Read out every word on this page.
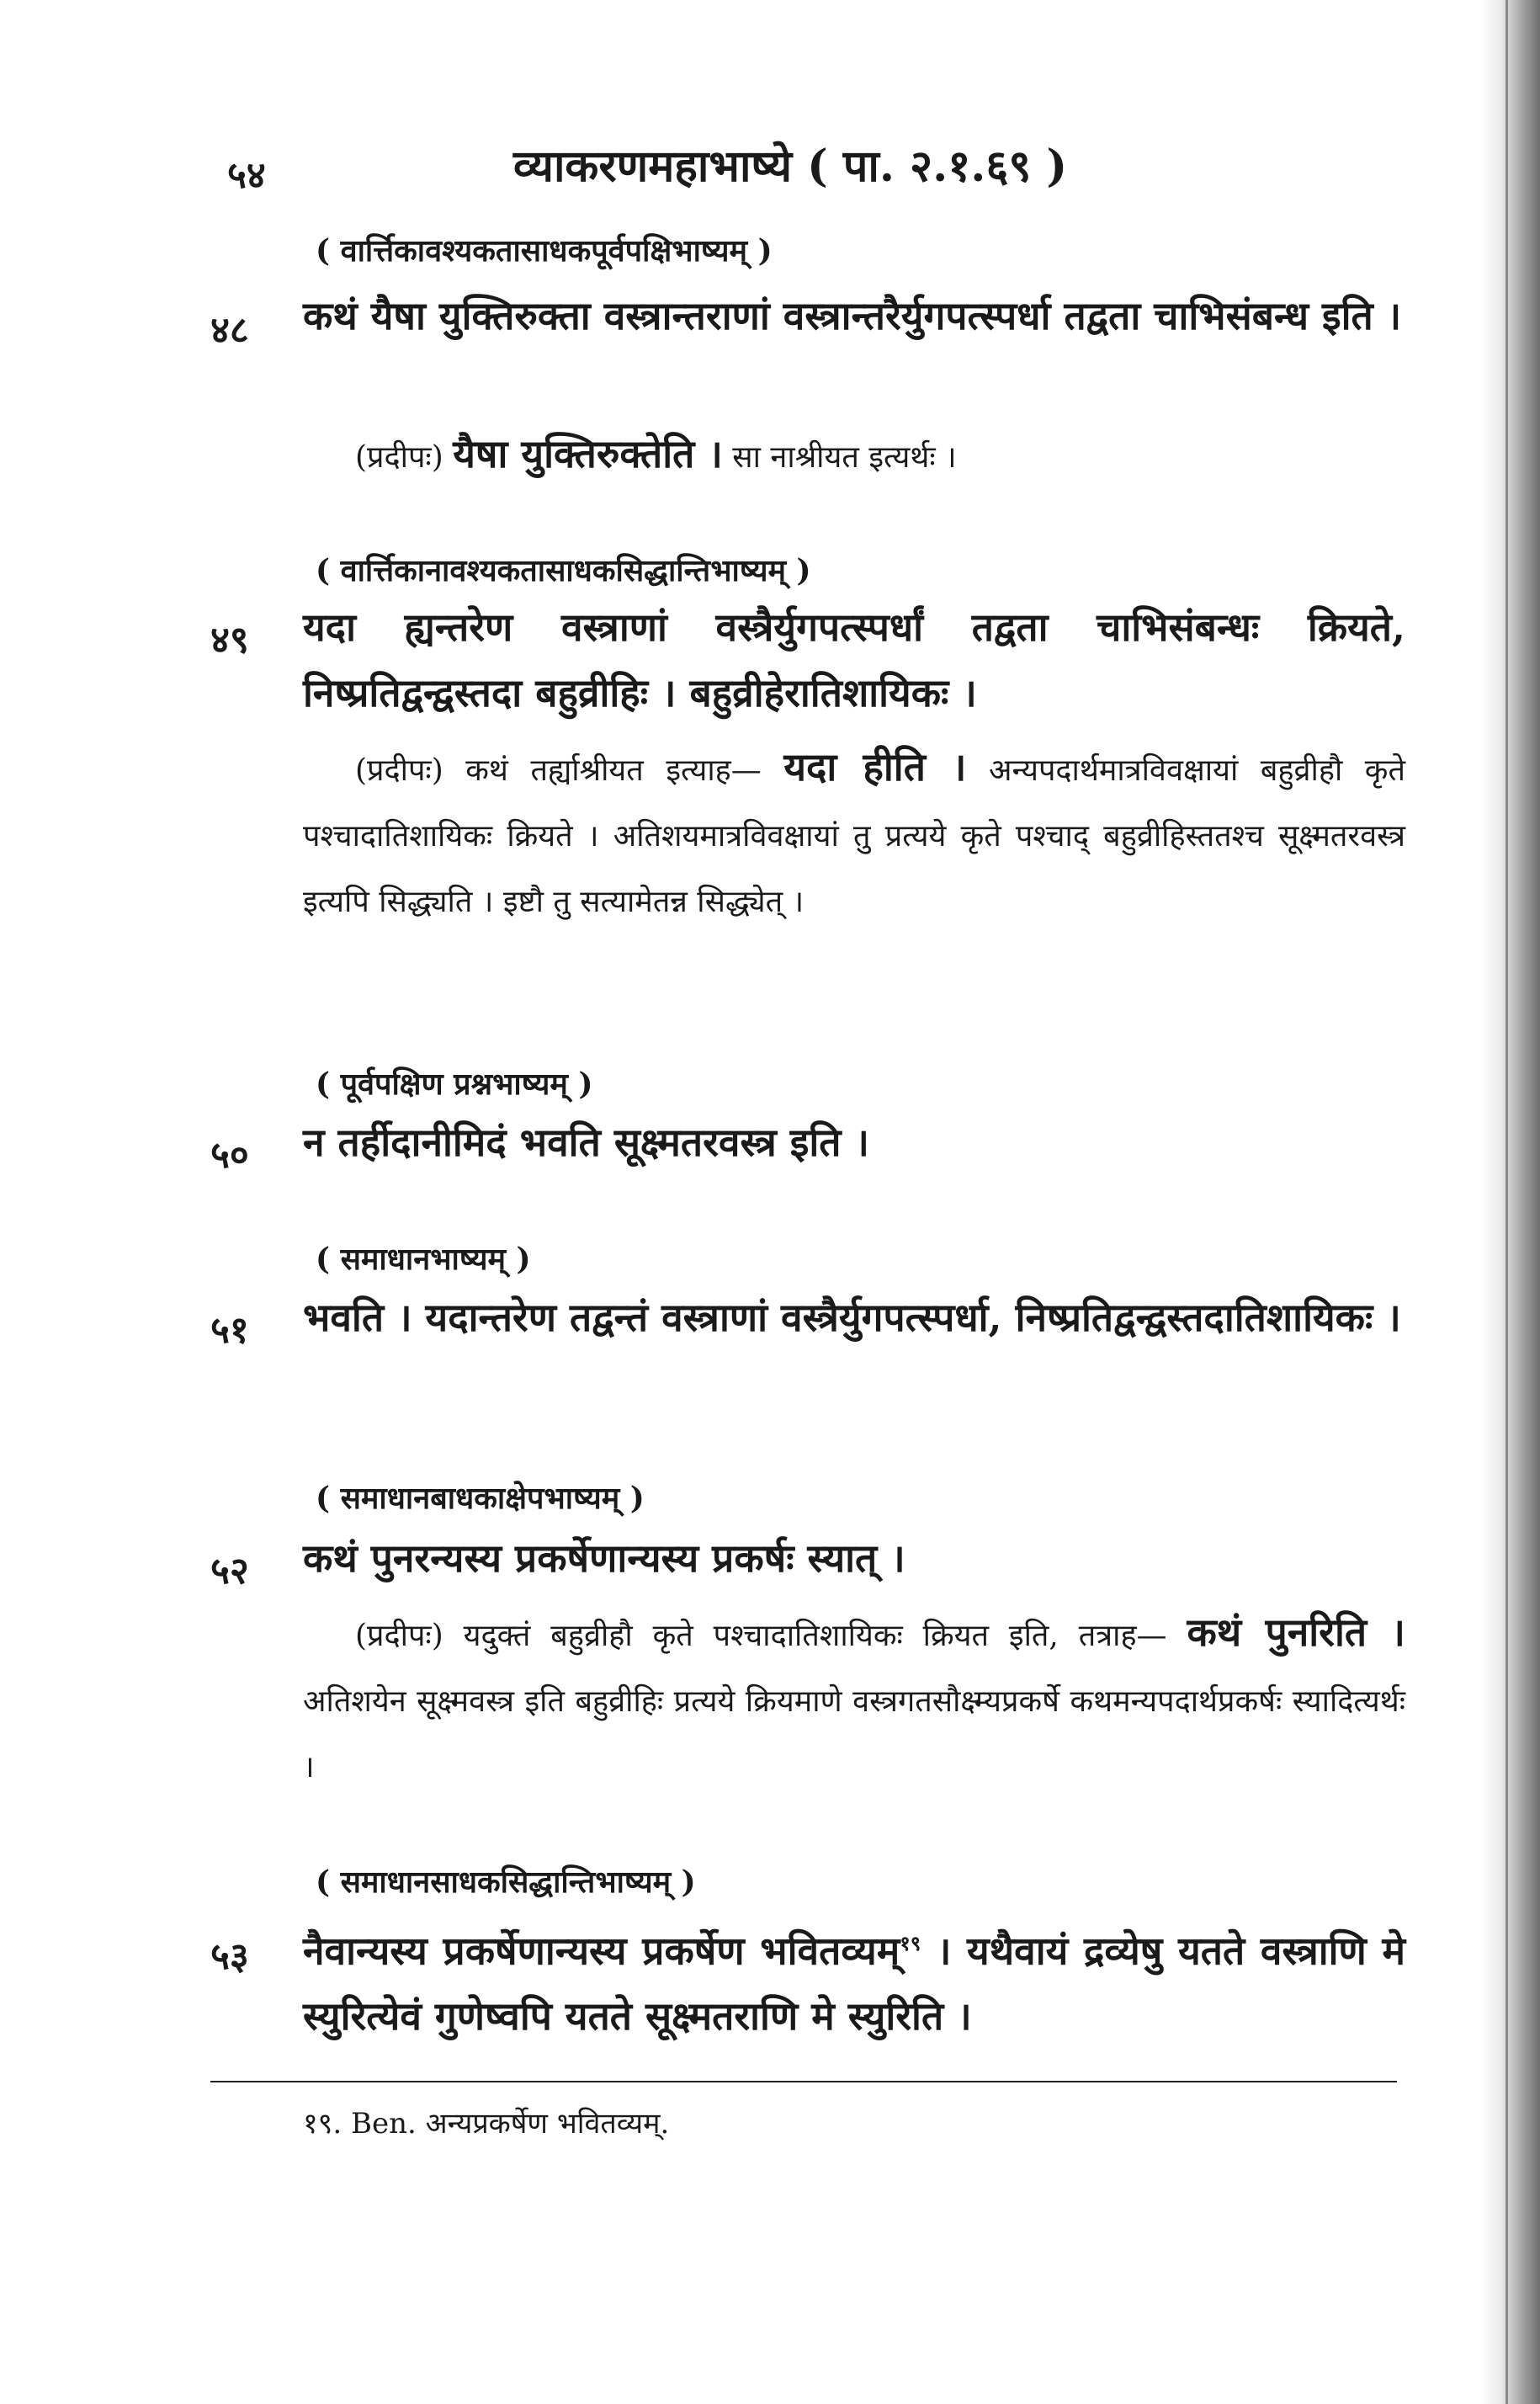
५४	व्याकरणमहाभाष्ये ( पा. २.१.६९ )
( वार्त्तिकावश्यकतासाधकपूर्वपक्षिभाष्यम् )
४८ कथं यैषा युक्तिरुक्ता वस्त्रान्तराणां वस्त्रान्तरैर्युगपत्स्पर्धा तद्वता चाभिसंबन्ध इति ।
(प्रदीपः) यैषा युक्तिरुक्तेति । सा नाश्रीयत इत्यर्थः ।
( वार्त्तिकानावश्यकतासाधकसिद्धान्तिभाष्यम् )
४९ यदा ह्यन्तरेण वस्त्राणां वस्त्रैर्युगपत्स्पर्धां तद्वता चाभिसंबन्धः क्रियते, निष्प्रतिद्वन्द्वस्तदा बहुव्रीहिः । बहुव्रीहेरातिशायिकः ।
(प्रदीपः) कथं तर्ह्याश्रीयत इत्याह— यदा हीति । अन्यपदार्थमात्रविवक्षायां बहुव्रीहौ कृते पश्चादातिशायिकः क्रियते । अतिशयमात्रविवक्षायां तु प्रत्यये कृते पश्चाद् बहुव्रीहिस्ततश्च सूक्ष्मतरवस्त्र इत्यपि सिद्ध्यति । इष्टौ तु सत्यामेतन्न सिद्ध्येत् ।
( पूर्वपक्षिण प्रश्नभाष्यम् )
५० न तर्हीदानीमिदं भवति सूक्ष्मतरवस्त्र इति ।
( समाधानभाष्यम् )
५१ भवति । यदान्तरेण तद्वन्तं वस्त्राणां वस्त्रैर्युगपत्स्पर्धा, निष्प्रतिद्वन्द्वस्तदातिशायिकः ।
( समाधानबाधकाक्षेपभाष्यम् )
५२ कथं पुनरन्यस्य प्रकर्षेणान्यस्य प्रकर्षः स्यात् ।
(प्रदीपः) यदुक्तं बहुव्रीहौ कृते पश्चादातिशायिकः क्रियत इति, तत्राह— कथं पुनरिति । अतिशयेन सूक्ष्मवस्त्र इति बहुव्रीहिः प्रत्यये क्रियमाणे वस्त्रगतसौक्ष्म्यप्रकर्षे कथमन्यपदार्थप्रकर्षः स्यादित्यर्थः ।
( समाधानसाधकसिद्धान्तिभाष्यम् )
५३ नैवान्यस्य प्रकर्षेणान्यस्य प्रकर्षेण भवितव्यम्$^{१९}$ । यथैवायं द्रव्येषु यतते वस्त्राणि मे स्युरित्येवं गुणेष्वपि यतते सूक्ष्मतराणि मे स्युरिति ।
१९. Ben. अन्यप्रकर्षेण भवितव्यम्.
